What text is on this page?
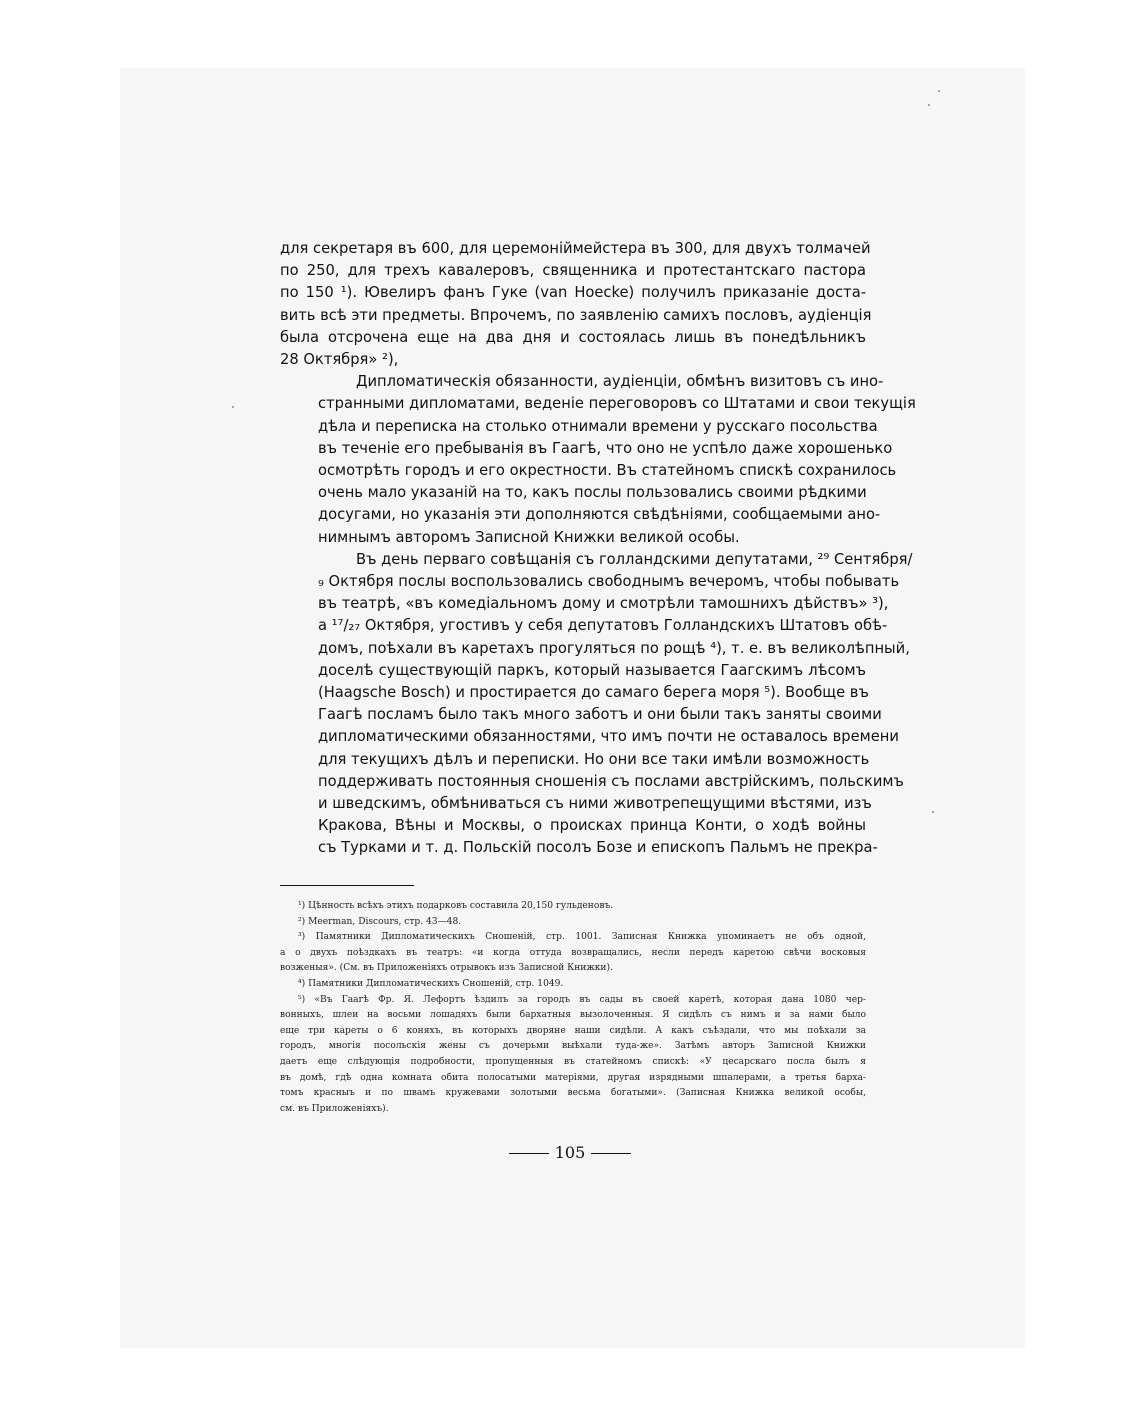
для секретаря въ 600, для церемонiймейстера въ 300, для двухъ толмачей
по 250, для трехъ кавалеровъ, священника и протестантскаго пастора
по 150 ¹). Ювелиръ фанъ Гуке (van Hoecke) получилъ приказанiе доста-
вить всѣ эти предметы. Впрочемъ, по заявленiю самихъ пословъ, аудiенцiя
была отсрочена еще на два дня и состоялась лишь въ понедѣльникъ
28 Октября» ²),
Дипломатическiя обязанности, аудiенцiи, обмѣнъ визитовъ съ ино-
странными дипломатами, веденiе переговоровъ со Штатами и свои текущiя
дѣла и переписка на столько отнимали времени у русскаго посольства
въ теченiе его пребыванiя въ Гаагѣ, что оно не успѣло даже хорошенько
осмотрѣть городъ и его окрестности. Въ статейномъ спискѣ сохранилось
очень мало указанiй на то, какъ послы пользовались своими рѣдкими
досугами, но указанiя эти дополняются свѣдѣнiями, сообщаемыми ано-
нимнымъ авторомъ Записной Книжки великой особы.
Въ день перваго совѣщанiя съ голландскими депутатами, ²⁹ Сентября/
₉ Октября послы воспользовались свободнымъ вечеромъ, чтобы побывать
въ театрѣ, «въ комедiальномъ дому и смотрѣли тамошнихъ дѣйствъ» ³),
а ¹⁷/₂₇ Октября, угостивъ у себя депутатовъ Голландскихъ Штатовъ обѣ-
домъ, поѣхали въ каретахъ прогуляться по рощѣ ⁴), т. е. въ великолѣпный,
доселѣ существующiй паркъ, который называется Гаагскимъ лѣсомъ
(Haagsche Bosch) и простирается до самаго берега моря ⁵). Вообще въ
Гаагѣ посламъ было такъ много заботъ и они были такъ заняты своими
дипломатическими обязанностями, что имъ почти не оставалось времени
для текущихъ дѣлъ и переписки. Но они все таки имѣли возможность
поддерживать постоянныя сношенiя съ послами австрiйскимъ, польскимъ
и шведскимъ, обмѣниваться съ ними животрепещущими вѣстями, изъ
Кракова, Вѣны и Москвы, о происках принца Конти, о ходѣ войны
съ Турками и т. д. Польскiй посолъ Бозе и епископъ Пальмъ не прекра-
¹) Цѣнность всѣхъ этихъ подарковъ составила 20,150 гульденовъ.
²) Meerman, Discours, стр. 43—48.
³) Памятники Дипломатическихъ Сношенiй, стр. 1001. Записная Книжка упоминаетъ не объ одной,
а о двухъ поѣздкахъ въ театръ: «и когда оттуда возвращались, несли передъ каретою свѣчи восковыя
возженыя». (См. въ Приложенiяхъ отрывокъ изъ Записной Книжки).
⁴) Памятники Дипломатическихъ Сношенiй, стр. 1049.
⁵) «Въ Гаагѣ Фр. Я. Лефортъ ѣздилъ за городъ въ сады въ своей каретѣ, которая дана 1080 чер-
вонныхъ, шлеи на восьми лошадяхъ были бархатныя вызолоченныя. Я сидѣлъ съ нимъ и за нами было
еще три кареты о 6 коняхъ, въ которыхъ дворяне наши сидѣли. А какъ съѣздали, что мы поѣхали за
городъ, многiя посольскiя жены съ дочерьми выѣхали туда-же». Затѣмъ авторъ Записной Книжки
даетъ еще слѣдующiя подробности, пропущенныя въ статейномъ спискѣ: «У цесарскаго посла былъ я
въ домѣ, гдѣ одна комната обита полосатыми матерiями, другая изрядными шпалерами, а третья барха-
томъ красныъ и по швамъ кружевами золотыми весьма богатыми». (Записная Книжка великой особы,
см. въ Приложенiяхъ).
105
